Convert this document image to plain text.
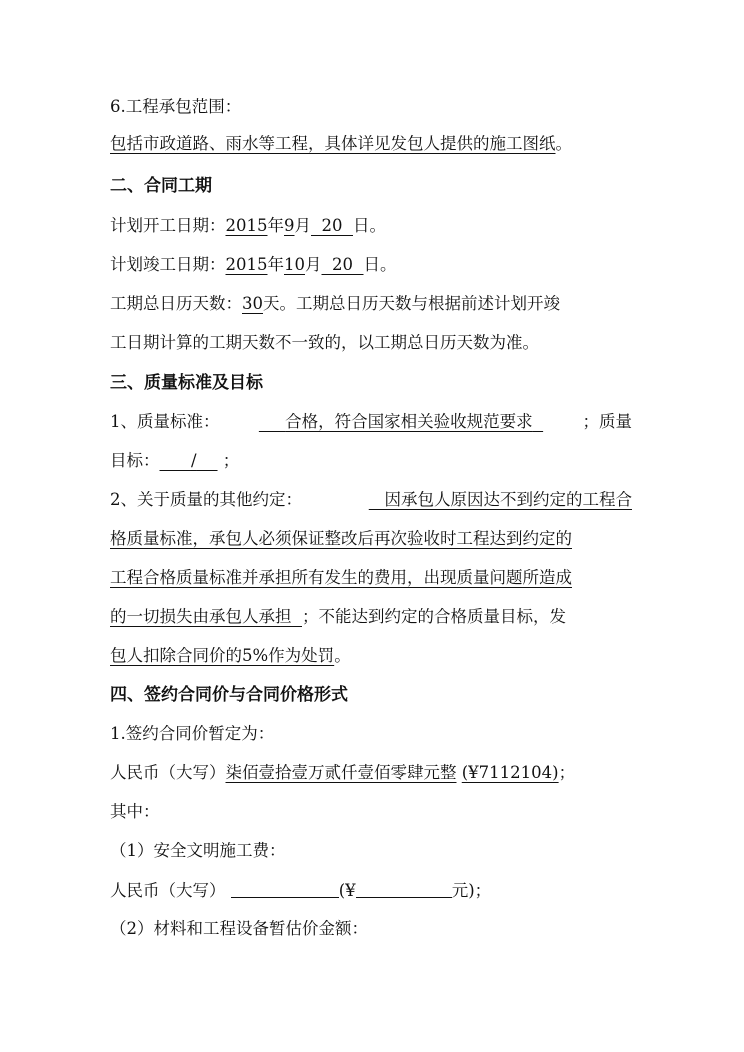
6.工程承包范围：
包括市政道路、雨水等工程，具体详见发包人提供的施工图纸。
二、合同工期
计划开工日期：2015年9月 20 日。
计划竣工日期：2015年10月 20 日。
工期总日历天数：30天。工期总日历天数与根据前述计划开竣
工日期计算的工期天数不一致的，以工期总日历天数为准。
三、质量标准及目标
1、质量标准：	合格，符合国家相关验收规范要求	；质量
目标： / ；
2、关于质量的其他约定：	因承包人原因达不到约定的工程合
格质量标准，承包人必须保证整改后再次验收时工程达到约定的
工程合格质量标准并承担所有发生的费用，出现质量问题所造成
的一切损失由承包人承担 ；不能达到约定的合格质量目标，发
包人扣除合同价的5%作为处罚。
四、签约合同价与合同价格形式
1.签约合同价暂定为：
人民币（大写）柒佰壹拾壹万贰仟壹佰零肆元整 (¥7112104)；
其中：
（1）安全文明施工费：
人民币（大写）	(¥	元)；
（2）材料和工程设备暂估价金额：
